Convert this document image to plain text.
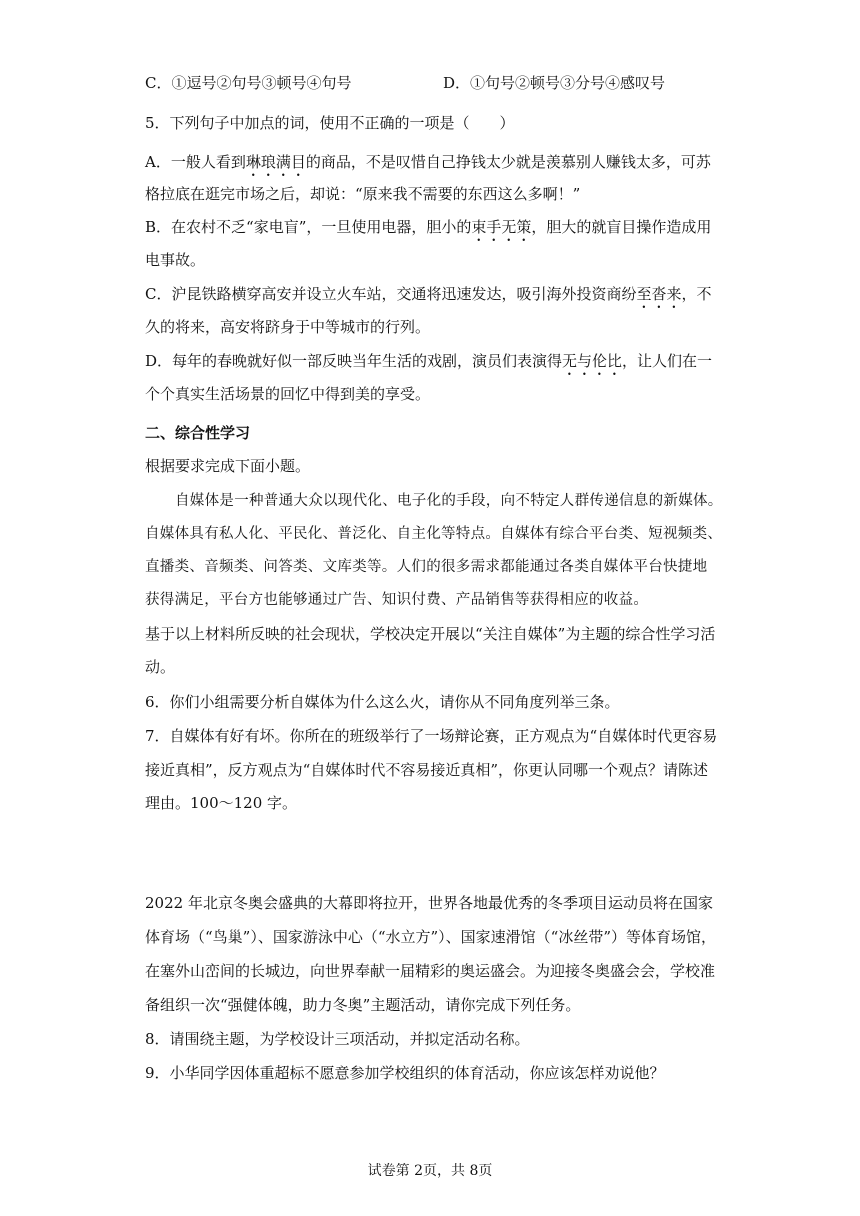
C．①逗号②句号③顿号④句号	D．①句号②顿号③分号④感叹号
5．下列句子中加点的词，使用不正确的一项是（　　）
A．一般人看到琳琅满目的商品，不是叹惜自己挣钱太少就是羡慕别人赚钱太多，可苏
格拉底在逛完市场之后，却说：“原来我不需要的东西这么多啊！”
B．在农村不乏“家电盲”，一旦使用电器，胆小的束手无策，胆大的就盲目操作造成用
电事故。
C．沪昆铁路横穿高安并设立火车站，交通将迅速发达，吸引海外投资商纷至沓来，不
久的将来，高安将跻身于中等城市的行列。
D．每年的春晚就好似一部反映当年生活的戏剧，演员们表演得无与伦比，让人们在一
个个真实生活场景的回忆中得到美的享受。
二、综合性学习
根据要求完成下面小题。
自媒体是一种普通大众以现代化、电子化的手段，向不特定人群传递信息的新媒体。
自媒体具有私人化、平民化、普泛化、自主化等特点。自媒体有综合平台类、短视频类、
直播类、音频类、问答类、文库类等。人们的很多需求都能通过各类自媒体平台快捷地
获得满足，平台方也能够通过广告、知识付费、产品销售等获得相应的收益。
基于以上材料所反映的社会现状，学校决定开展以“关注自媒体”为主题的综合性学习活
动。
6．你们小组需要分析自媒体为什么这么火，请你从不同角度列举三条。
7．自媒体有好有坏。你所在的班级举行了一场辩论赛，正方观点为“自媒体时代更容易
接近真相”，反方观点为“自媒体时代不容易接近真相”，你更认同哪一个观点？请陈述
理由。100～120 字。
2022 年北京冬奥会盛典的大幕即将拉开，世界各地最优秀的冬季项目运动员将在国家
体育场（“鸟巢”）、国家游泳中心（“水立方”）、国家速滑馆（“冰丝带”）等体育场馆，
在塞外山峦间的长城边，向世界奉献一届精彩的奥运盛会。为迎接冬奥盛会会，学校准
备组织一次“强健体魄，助力冬奥”主题活动，请你完成下列任务。
8．请围绕主题，为学校设计三项活动，并拟定活动名称。
9．小华同学因体重超标不愿意参加学校组织的体育活动，你应该怎样劝说他？
试卷第 2页，共 8页
